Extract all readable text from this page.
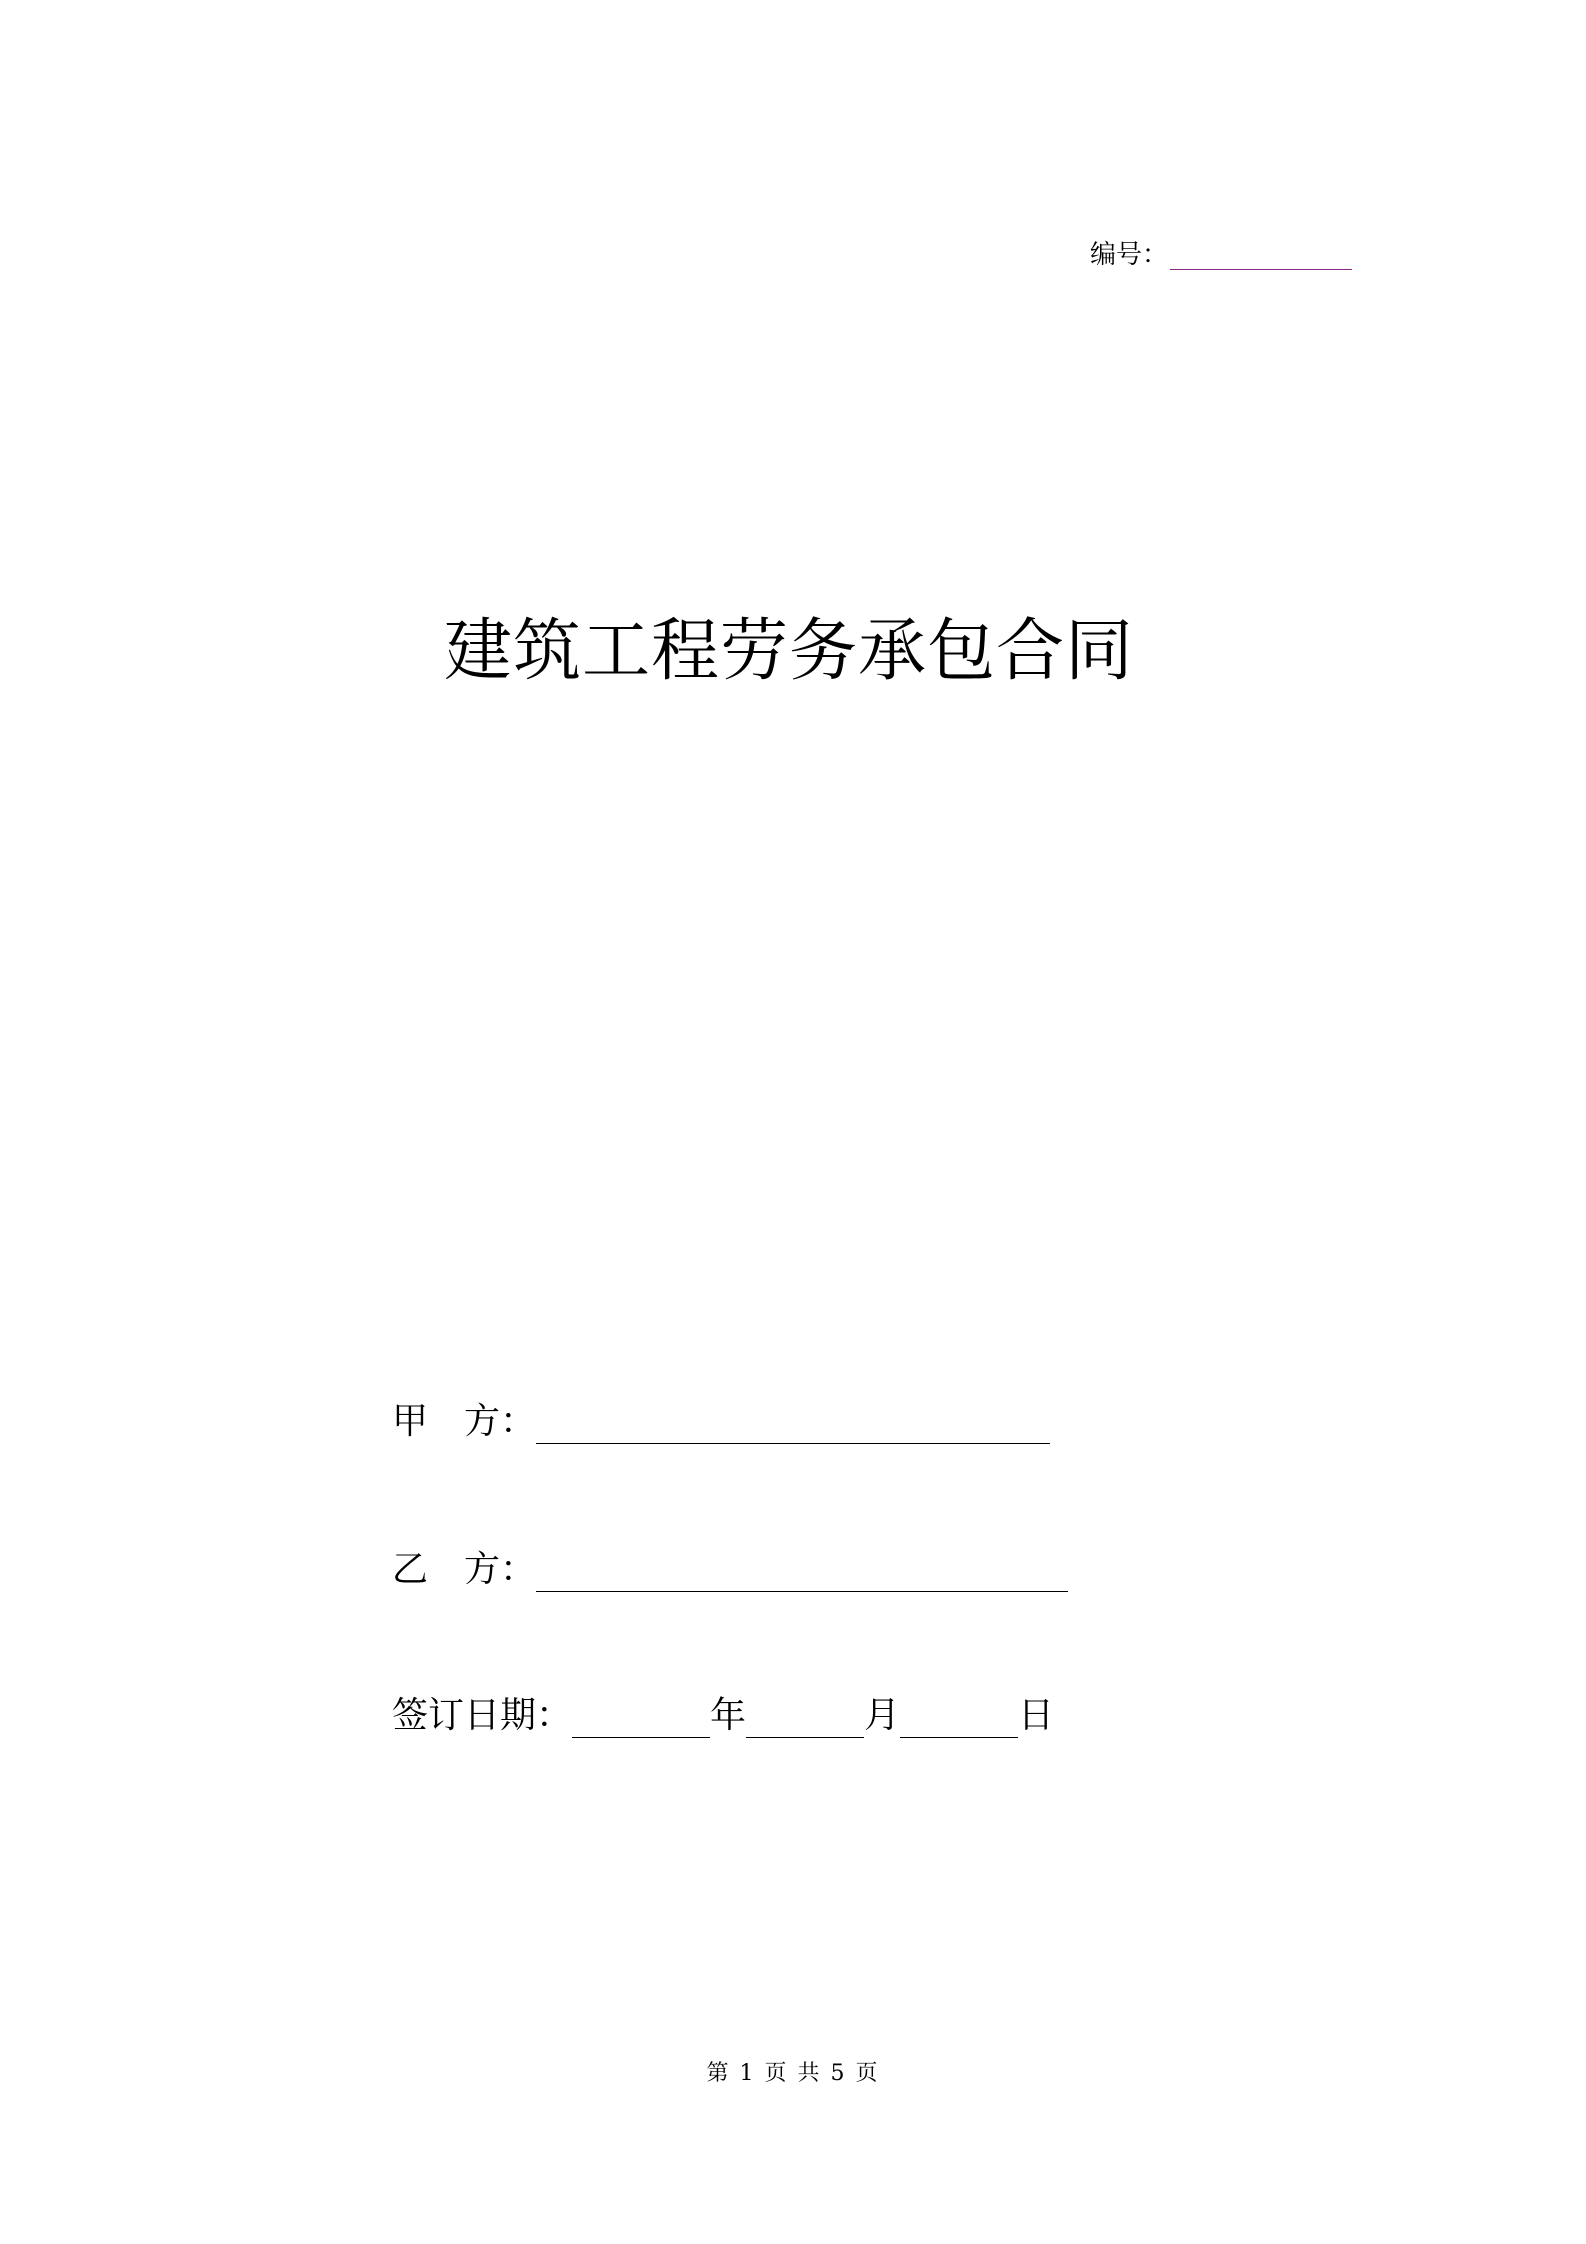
编号：
建筑工程劳务承包合同
甲　方：
乙　方：
签订日期：	年	月	日
第 1 页 共 5 页
